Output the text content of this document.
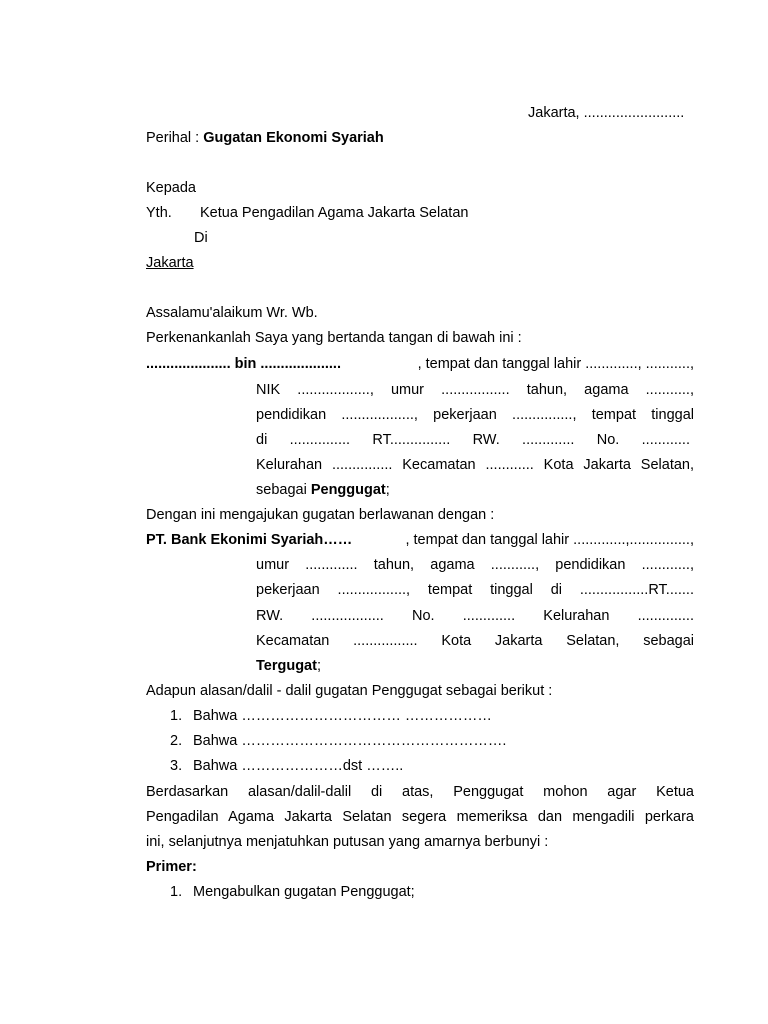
Jakarta, .........................
Perihal : Gugatan Ekonomi Syariah
Kepada
Yth. Ketua Pengadilan Agama Jakarta Selatan
Di
Jakarta
Assalamu'alaikum Wr. Wb.
Perkenankanlah Saya yang bertanda tangan di bawah ini :
..................... bin ....................	, tempat dan tanggal lahir ............., ...........,
NIK .................., umur ................. tahun, agama ...........,
pendidikan .................., pekerjaan ..............., tempat tinggal
di ............... RT............... RW. ............. No. ............
Kelurahan ............... Kecamatan ............ Kota Jakarta Selatan,
sebagai Penggugat;
Dengan ini mengajukan gugatan berlawanan dengan :
PT. Bank Ekonimi Syariah……	, tempat dan tanggal lahir .............,...............,
umur ............. tahun, agama ..........., pendidikan ............,
pekerjaan ................., tempat tinggal di .................RT.......
RW. .................. No. ............. Kelurahan ..............
Kecamatan ................ Kota Jakarta Selatan, sebagai
Tergugat;
Adapun alasan/dalil - dalil gugatan Penggugat sebagai berikut :
1. Bahwa …………………………… ………………
2. Bahwa ……………………………………………….
3. Bahwa …………………dst ……..
Berdasarkan alasan/dalil-dalil di atas, Penggugat mohon agar Ketua
Pengadilan Agama Jakarta Selatan segera memeriksa dan mengadili perkara
ini, selanjutnya menjatuhkan putusan yang amarnya berbunyi :
Primer:
1. Mengabulkan gugatan Penggugat;
